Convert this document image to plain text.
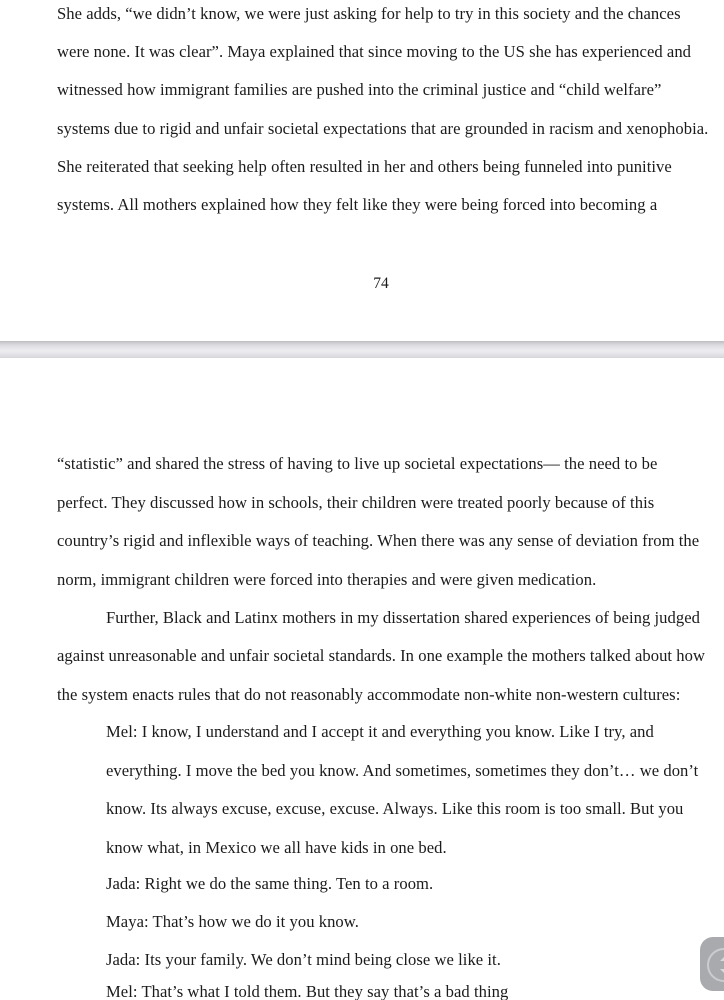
She adds, “we didn’t know, we were just asking for help to try in this society and the chances
were none. It was clear”. Maya explained that since moving to the US she has experienced and
witnessed how immigrant families are pushed into the criminal justice and “child welfare”
systems due to rigid and unfair societal expectations that are grounded in racism and xenophobia.
She reiterated that seeking help often resulted in her and others being funneled into punitive
systems. All mothers explained how they felt like they were being forced into becoming a
74
“statistic” and shared the stress of having to live up societal expectations— the need to be
perfect. They discussed how in schools, their children were treated poorly because of this
country’s rigid and inflexible ways of teaching. When there was any sense of deviation from the
norm, immigrant children were forced into therapies and were given medication.
Further, Black and Latinx mothers in my dissertation shared experiences of being judged
against unreasonable and unfair societal standards. In one example the mothers talked about how
the system enacts rules that do not reasonably accommodate non-white non-western cultures:
Mel: I know, I understand and I accept it and everything you know. Like I try, and
everything. I move the bed you know. And sometimes, sometimes they don’t… we don’t
know. Its always excuse, excuse, excuse. Always. Like this room is too small. But you
know what, in Mexico we all have kids in one bed.
Jada: Right we do the same thing. Ten to a room.
Maya: That’s how we do it you know.
Jada: Its your family. We don’t mind being close we like it.
Mel: That’s what I told them. But they say that’s a bad thing
